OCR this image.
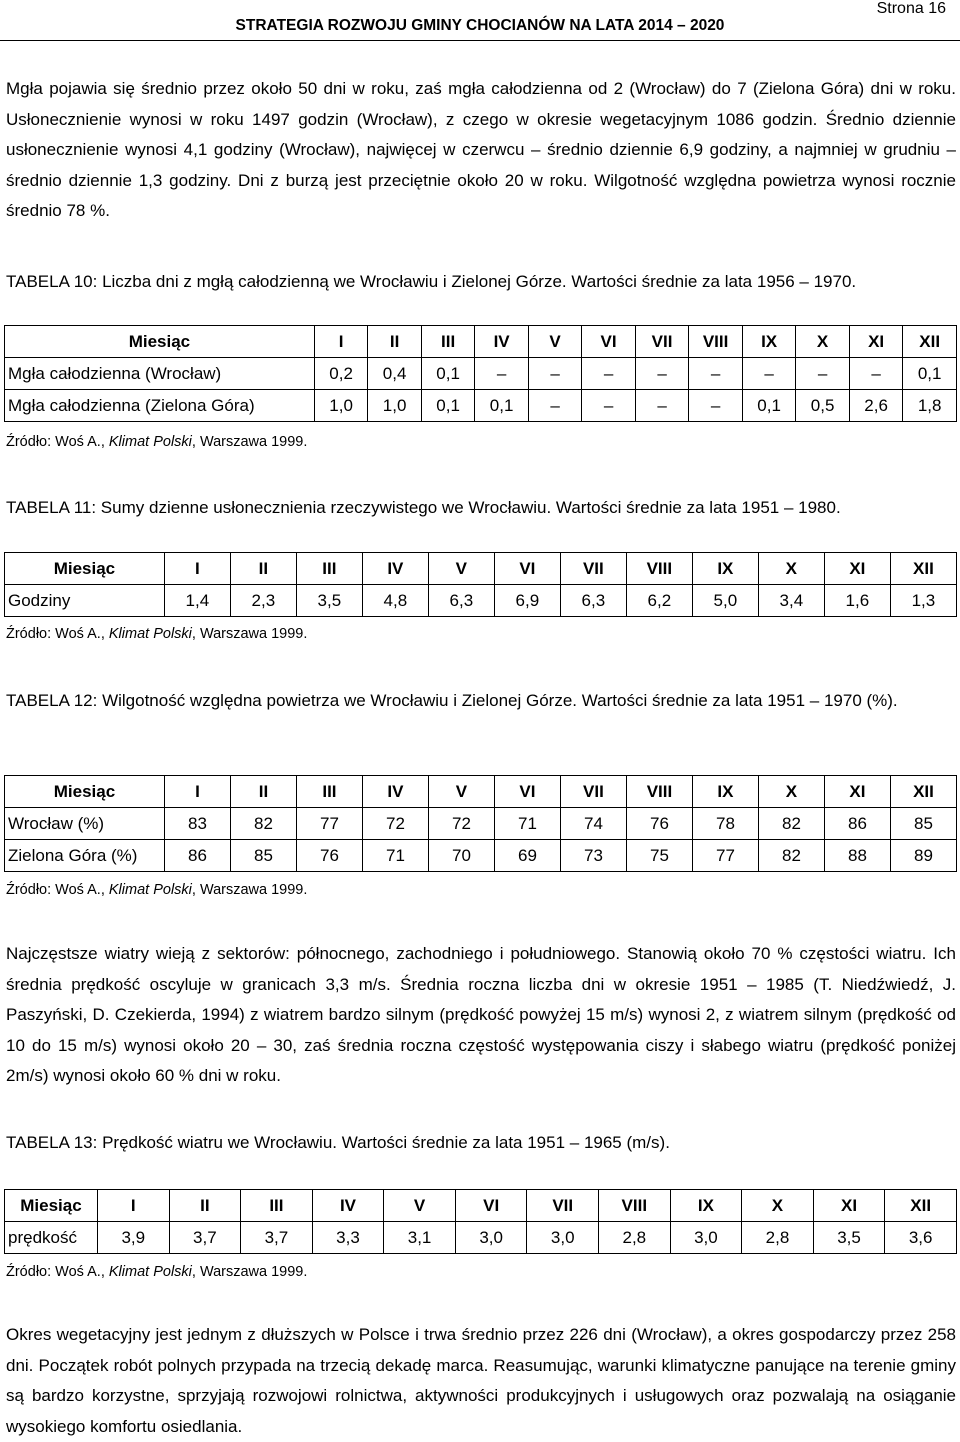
Strona 16
STRATEGIA ROZWOJU GMINY CHOCIANÓW NA LATA 2014 – 2020
Mgła pojawia się średnio przez około 50 dni w roku, zaś mgła całodzienna od 2 (Wrocław) do 7 (Zielona Góra) dni w roku. Usłonecznienie wynosi w roku 1497 godzin (Wrocław), z czego w okresie wegetacyjnym 1086 godzin. Średnio dziennie usłonecznienie wynosi 4,1 godziny (Wrocław), najwięcej w czerwcu – średnio dziennie 6,9 godziny, a najmniej w grudniu – średnio dziennie 1,3 godziny. Dni z burzą jest przeciętnie około 20 w roku. Wilgotność względna powietrza wynosi rocznie średnio 78 %.
TABELA 10: Liczba dni z mgłą całodzienną we Wrocławiu i Zielonej Górze. Wartości średnie za lata 1956 – 1970.
Miesiąc	I	II	III	IV	V	VI	VII	VIII	IX	X	XI	XII
Mgła całodzienna (Wrocław)	0,2	0,4	0,1	–	–	–	–	–	–	–	–	0,1
Mgła całodzienna (Zielona Góra)	1,0	1,0	0,1	0,1	–	–	–	–	0,1	0,5	2,6	1,8
Źródło: Woś A., Klimat Polski, Warszawa 1999.
TABELA 11: Sumy dzienne usłonecznienia rzeczywistego we Wrocławiu. Wartości średnie za lata 1951 – 1980.
Miesiąc	I	II	III	IV	V	VI	VII	VIII	IX	X	XI	XII
Godziny	1,4	2,3	3,5	4,8	6,3	6,9	6,3	6,2	5,0	3,4	1,6	1,3
Źródło: Woś A., Klimat Polski, Warszawa 1999.
TABELA 12: Wilgotność względna powietrza we Wrocławiu i Zielonej Górze. Wartości średnie za lata 1951 – 1970 (%).
Miesiąc	I	II	III	IV	V	VI	VII	VIII	IX	X	XI	XII
Wrocław (%)	83	82	77	72	72	71	74	76	78	82	86	85
Zielona Góra (%)	86	85	76	71	70	69	73	75	77	82	88	89
Źródło: Woś A., Klimat Polski, Warszawa 1999.
Najczęstsze wiatry wieją z sektorów: północnego, zachodniego i południowego. Stanowią około 70 % częstości wiatru. Ich średnia prędkość oscyluje w granicach 3,3 m/s. Średnia roczna liczba dni w okresie 1951 – 1985 (T. Niedźwiedź, J. Paszyński, D. Czekierda, 1994) z wiatrem bardzo silnym (prędkość powyżej 15 m/s) wynosi 2, z wiatrem silnym (prędkość od 10 do 15 m/s) wynosi około 20 – 30, zaś średnia roczna częstość występowania ciszy i słabego wiatru (prędkość poniżej 2m/s) wynosi około 60 % dni w roku.
TABELA 13: Prędkość wiatru we Wrocławiu. Wartości średnie za lata 1951 – 1965 (m/s).
Miesiąc	I	II	III	IV	V	VI	VII	VIII	IX	X	XI	XII
prędkość	3,9	3,7	3,7	3,3	3,1	3,0	3,0	2,8	3,0	2,8	3,5	3,6
Źródło: Woś A., Klimat Polski, Warszawa 1999.
Okres wegetacyjny jest jednym z dłuższych w Polsce i trwa średnio przez 226 dni (Wrocław), a okres gospodarczy przez 258 dni. Początek robót polnych przypada na trzecią dekadę marca. Reasumując, warunki klimatyczne panujące na terenie gminy są bardzo korzystne, sprzyjają rozwojowi rolnictwa, aktywności produkcyjnych i usługowych oraz pozwalają na osiąganie wysokiego komfortu osiedlania.
